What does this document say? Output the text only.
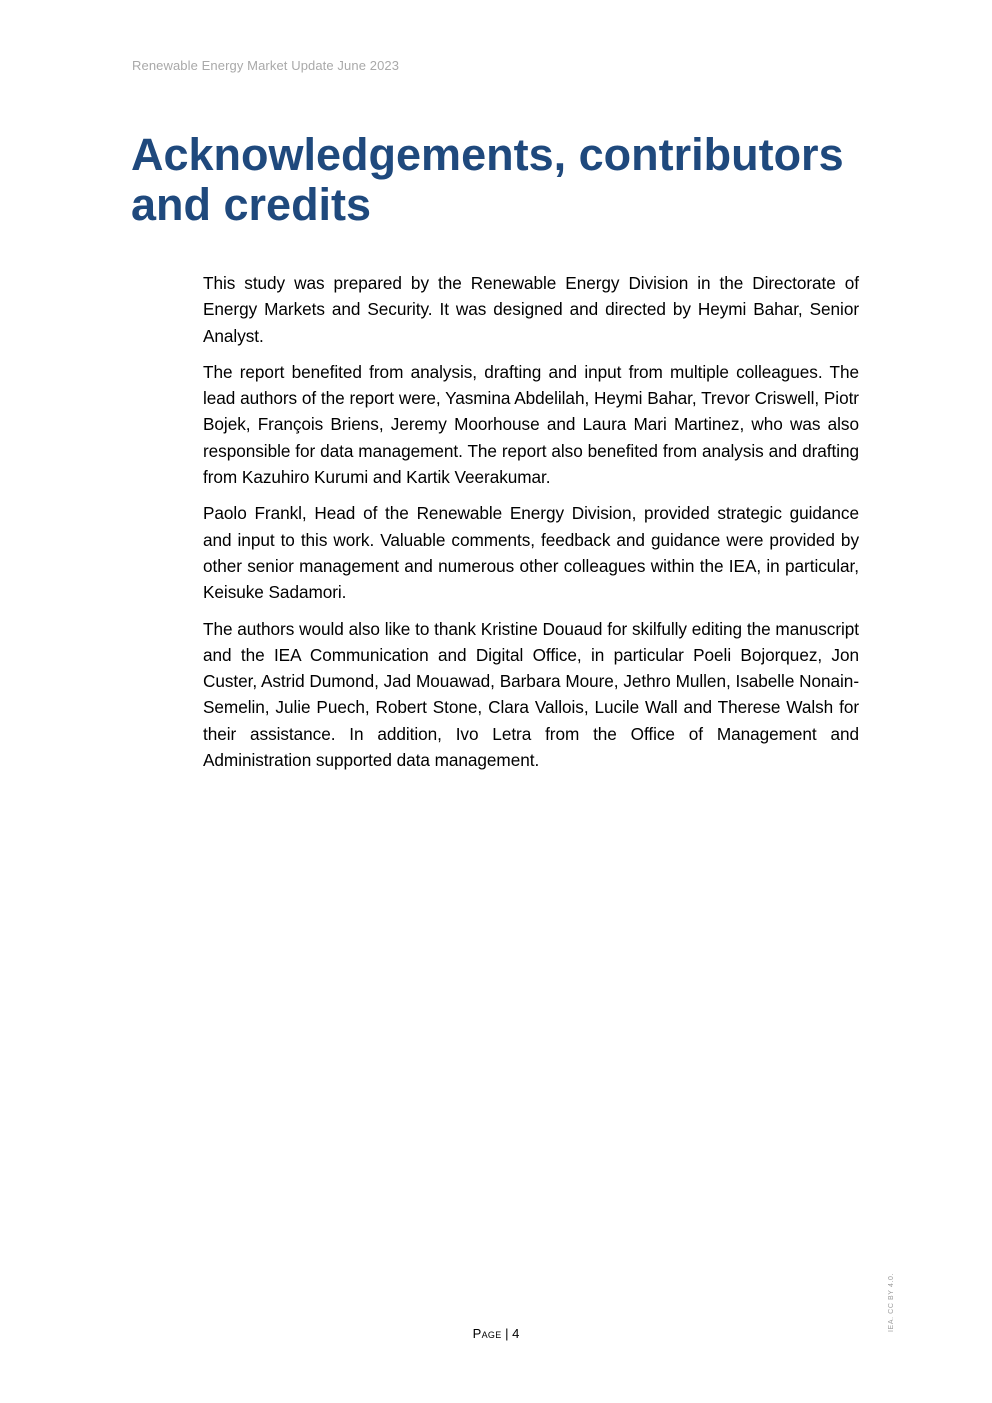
Renewable Energy Market Update June 2023
Acknowledgements, contributors and credits

This study was prepared by the Renewable Energy Division in the Directorate of Energy Markets and Security. It was designed and directed by Heymi Bahar, Senior Analyst.

The report benefited from analysis, drafting and input from multiple colleagues. The lead authors of the report were, Yasmina Abdelilah, Heymi Bahar, Trevor Criswell, Piotr Bojek, François Briens, Jeremy Moorhouse and Laura Mari Martinez, who was also responsible for data management. The report also benefited from analysis and drafting from Kazuhiro Kurumi and Kartik Veerakumar.

Paolo Frankl, Head of the Renewable Energy Division, provided strategic guidance and input to this work. Valuable comments, feedback and guidance were provided by other senior management and numerous other colleagues within the IEA, in particular, Keisuke Sadamori.

The authors would also like to thank Kristine Douaud for skilfully editing the manuscript and the IEA Communication and Digital Office, in particular Poeli Bojorquez, Jon Custer, Astrid Dumond, Jad Mouawad, Barbara Moure, Jethro Mullen, Isabelle Nonain-Semelin, Julie Puech, Robert Stone, Clara Vallois, Lucile Wall and Therese Walsh for their assistance. In addition, Ivo Letra from the Office of Management and Administration supported data management.

Page | 4
IEA. CC BY 4.0.
